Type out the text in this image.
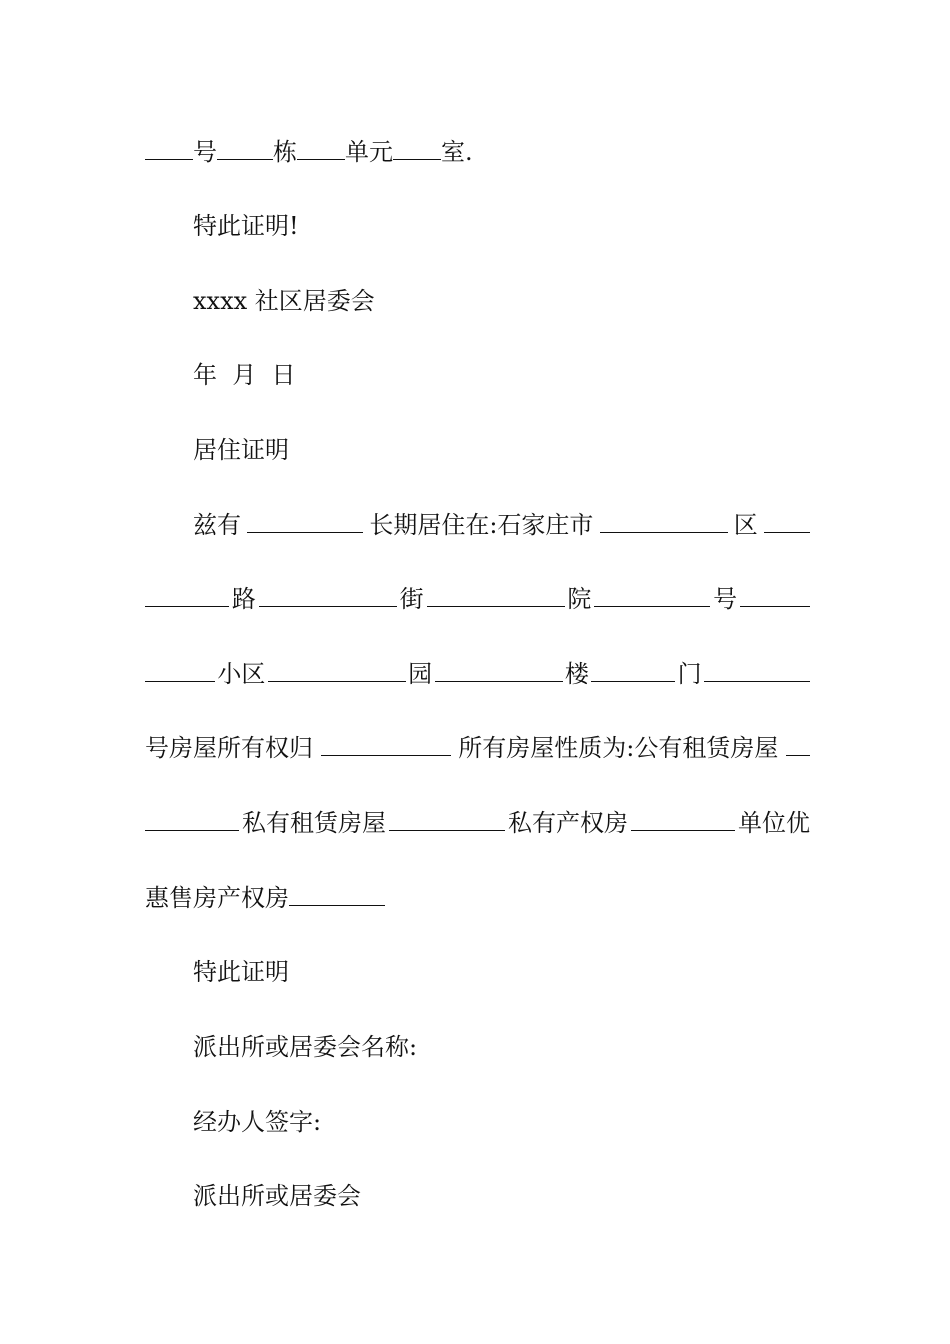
号 栋 单元 室.
特此证明!
xxxx 社区居委会
年  月  日
居住证明
兹有	长期居住在:石家庄市	区
路	街	院	号
小区	园	楼	门
号房屋所有权归	所有房屋性质为:公有租赁房屋
私有租赁房屋	私有产权房	单位优
惠售房产权房
特此证明
派出所或居委会名称:
经办人签字:
派出所或居委会
